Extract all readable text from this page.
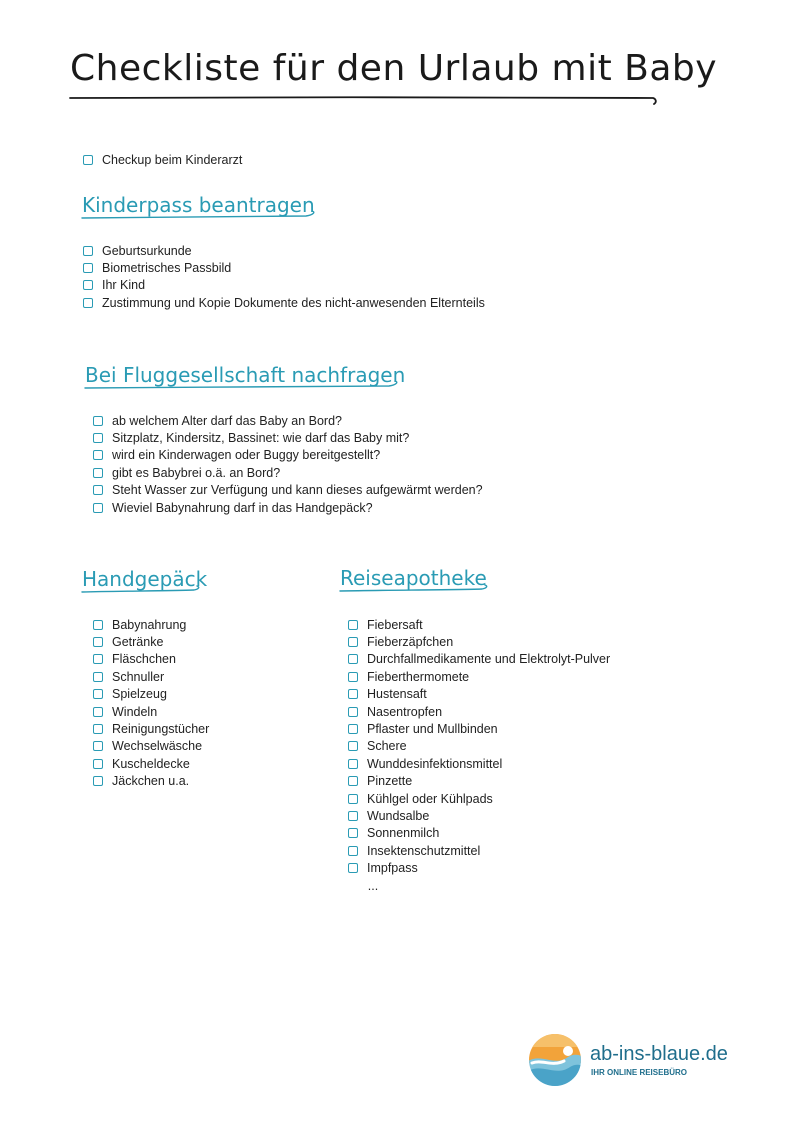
Checkliste für den Urlaub mit Baby
Checkup beim Kinderarzt
Kinderpass beantragen
Geburtsurkunde
Biometrisches Passbild
Ihr Kind
Zustimmung und Kopie Dokumente des nicht-anwesenden Elternteils
Bei Fluggesellschaft nachfragen
ab welchem Alter darf das Baby an Bord?
Sitzplatz, Kindersitz, Bassinet: wie darf das Baby mit?
wird ein Kinderwagen oder Buggy bereitgestellt?
gibt es Babybrei o.ä. an Bord?
Steht Wasser zur Verfügung und kann dieses aufgewärmt werden?
Wieviel Babynahrung darf in das Handgepäck?
Handgepäck
Babynahrung
Getränke
Fläschchen
Schnuller
Spielzeug
Windeln
Reinigungstücher
Wechselwäsche
Kuscheldecke
Jäckchen u.a.
Reiseapotheke
Fiebersaft
Fieberzäpfchen
Durchfallmedikamente und Elektrolyt-Pulver
Fieberthermomete
Hustensaft
Nasentropfen
Pflaster und Mullbinden
Schere
Wunddesinfektionsmittel
Pinzette
Kühlgel oder Kühlpads
Wundsalbe
Sonnenmilch
Insektenschutzmittel
Impfpass
...
ab-ins-blaue.de
IHR ONLINE REISEBÜRO
